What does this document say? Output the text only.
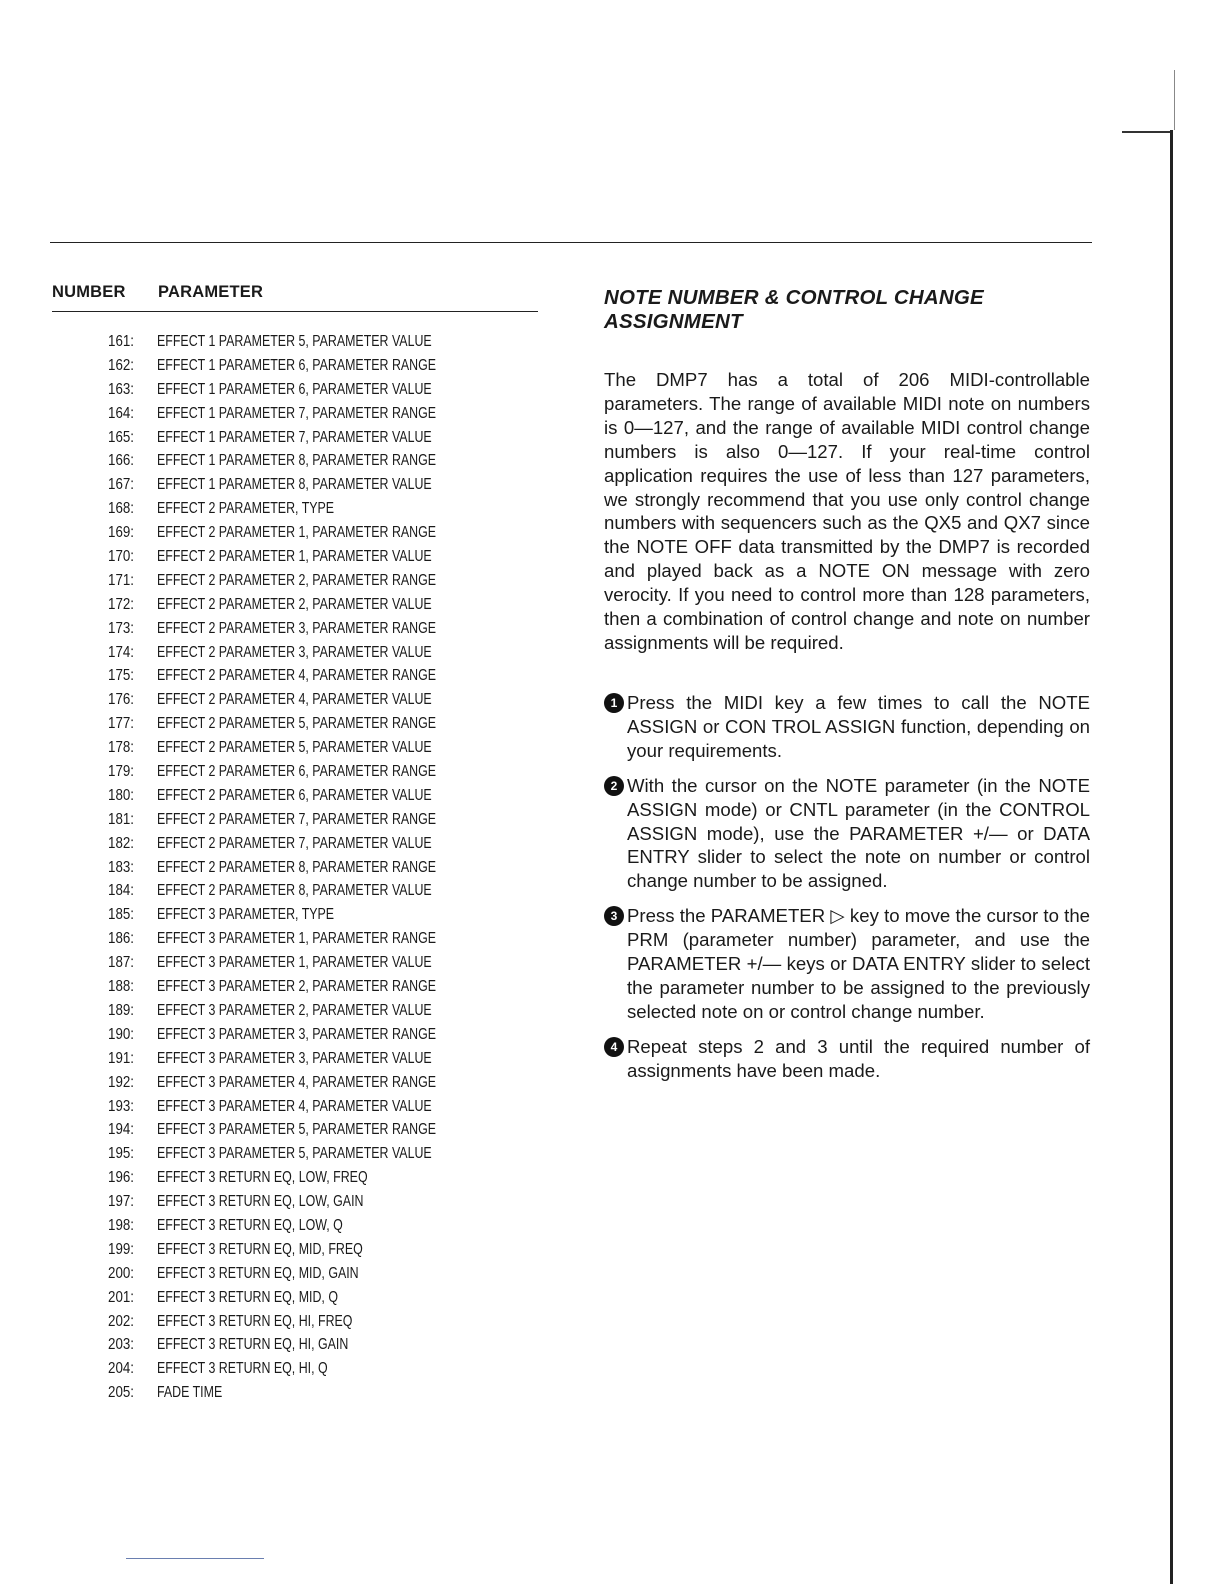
NUMBER PARAMETER
161: EFFECT 1 PARAMETER 5, PARAMETER VALUE
162: EFFECT 1 PARAMETER 6, PARAMETER RANGE
163: EFFECT 1 PARAMETER 6, PARAMETER VALUE
164: EFFECT 1 PARAMETER 7, PARAMETER RANGE
165: EFFECT 1 PARAMETER 7, PARAMETER VALUE
166: EFFECT 1 PARAMETER 8, PARAMETER RANGE
167: EFFECT 1 PARAMETER 8, PARAMETER VALUE
168: EFFECT 2 PARAMETER, TYPE
169: EFFECT 2 PARAMETER 1, PARAMETER RANGE
170: EFFECT 2 PARAMETER 1, PARAMETER VALUE
171: EFFECT 2 PARAMETER 2, PARAMETER RANGE
172: EFFECT 2 PARAMETER 2, PARAMETER VALUE
173: EFFECT 2 PARAMETER 3, PARAMETER RANGE
174: EFFECT 2 PARAMETER 3, PARAMETER VALUE
175: EFFECT 2 PARAMETER 4, PARAMETER RANGE
176: EFFECT 2 PARAMETER 4, PARAMETER VALUE
177: EFFECT 2 PARAMETER 5, PARAMETER RANGE
178: EFFECT 2 PARAMETER 5, PARAMETER VALUE
179: EFFECT 2 PARAMETER 6, PARAMETER RANGE
180: EFFECT 2 PARAMETER 6, PARAMETER VALUE
181: EFFECT 2 PARAMETER 7, PARAMETER RANGE
182: EFFECT 2 PARAMETER 7, PARAMETER VALUE
183: EFFECT 2 PARAMETER 8, PARAMETER RANGE
184: EFFECT 2 PARAMETER 8, PARAMETER VALUE
185: EFFECT 3 PARAMETER, TYPE
186: EFFECT 3 PARAMETER 1, PARAMETER RANGE
187: EFFECT 3 PARAMETER 1, PARAMETER VALUE
188: EFFECT 3 PARAMETER 2, PARAMETER RANGE
189: EFFECT 3 PARAMETER 2, PARAMETER VALUE
190: EFFECT 3 PARAMETER 3, PARAMETER RANGE
191: EFFECT 3 PARAMETER 3, PARAMETER VALUE
192: EFFECT 3 PARAMETER 4, PARAMETER RANGE
193: EFFECT 3 PARAMETER 4, PARAMETER VALUE
194: EFFECT 3 PARAMETER 5, PARAMETER RANGE
195: EFFECT 3 PARAMETER 5, PARAMETER VALUE
196: EFFECT 3 RETURN EQ, LOW, FREQ
197: EFFECT 3 RETURN EQ, LOW, GAIN
198: EFFECT 3 RETURN EQ, LOW, Q
199: EFFECT 3 RETURN EQ, MID, FREQ
200: EFFECT 3 RETURN EQ, MID, GAIN
201: EFFECT 3 RETURN EQ, MID, Q
202: EFFECT 3 RETURN EQ, HI, FREQ
203: EFFECT 3 RETURN EQ, HI, GAIN
204: EFFECT 3 RETURN EQ, HI, Q
205: FADE TIME
NOTE NUMBER & CONTROL CHANGE ASSIGNMENT

The DMP7 has a total of 206 MIDI-controllable parameters. The range of available MIDI note on numbers is 0—127, and the range of available MIDI control change numbers is also 0—127. If your real-time control application requires the use of less than 127 parameters, we strongly recommend that you use only control change numbers with sequencers such as the QX5 and QX7 since the NOTE OFF data transmitted by the DMP7 is recorded and played back as a NOTE ON message with zero verocity. If you need to control more than 128 parameters, then a combination of control change and note on number assignments will be required.

1 Press the MIDI key a few times to call the NOTE ASSIGN or CON TROL ASSIGN function, depending on your requirements.
2 With the cursor on the NOTE parameter (in the NOTE ASSIGN mode) or CNTL parameter (in the CONTROL ASSIGN mode), use the PARAMETER +/— or DATA ENTRY slider to select the note on number or control change number to be assigned.
3 Press the PARAMETER ▷ key to move the cursor to the PRM (parameter number) parameter, and use the PARAMETER +/— keys or DATA ENTRY slider to select the parameter number to be assigned to the previously selected note on or control change number.
4 Repeat steps 2 and 3 until the required number of assignments have been made.
